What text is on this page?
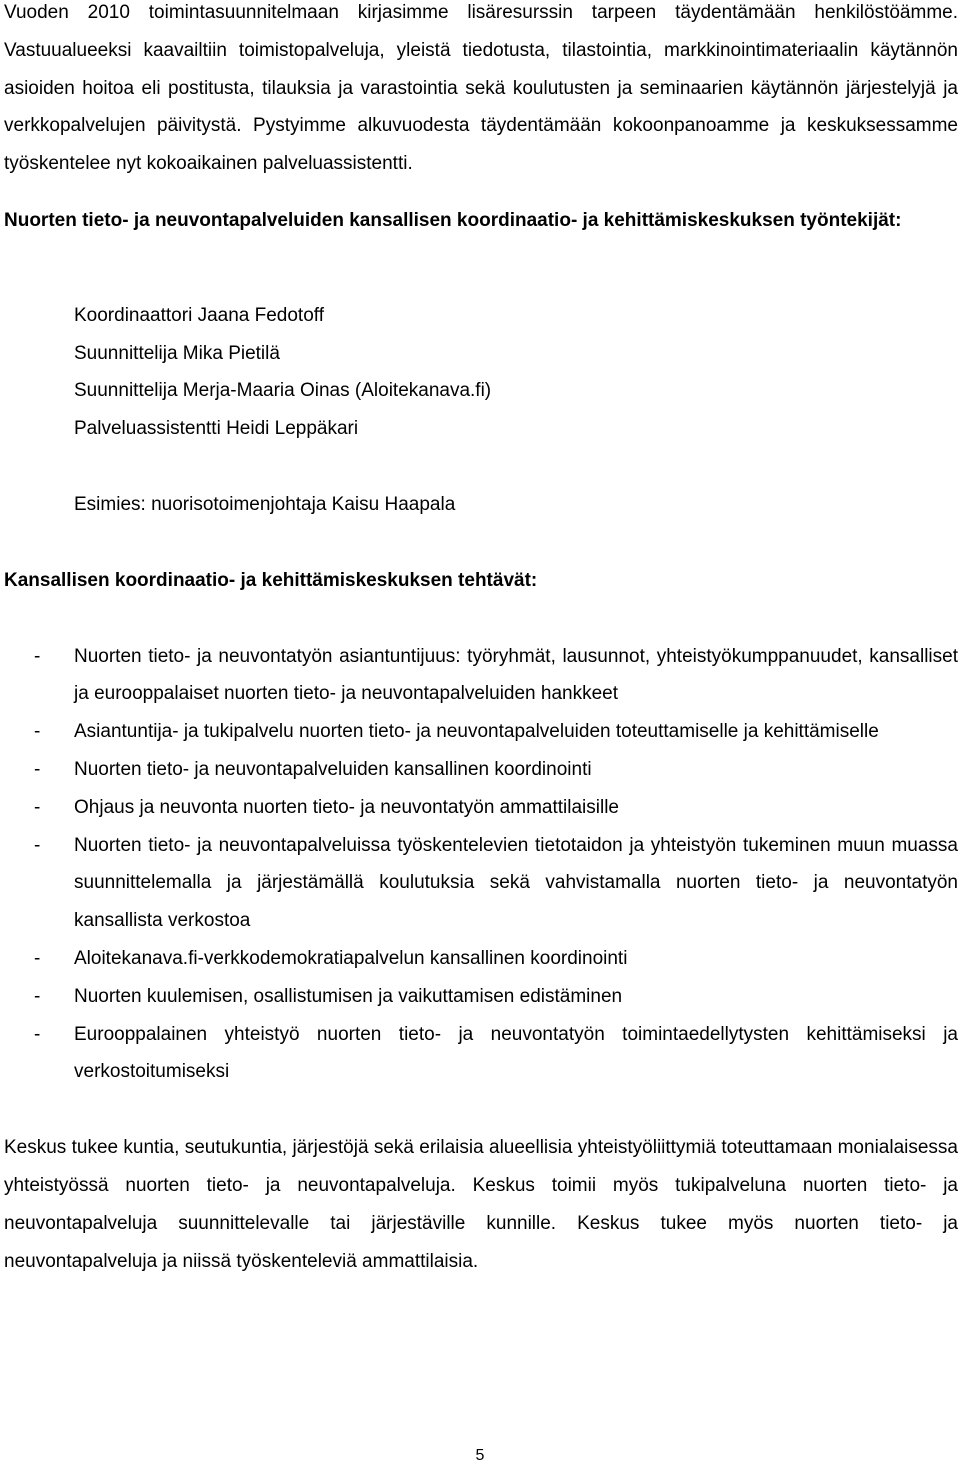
Vuoden 2010 toimintasuunnitelmaan kirjasimme lisäresurssin tarpeen täydentämään henkilöstöämme. Vastuualueeksi kaavailtiin toimistopalveluja, yleistä tiedotusta, tilastointia, markkinointimateriaalin käytännön asioiden hoitoa eli postitusta, tilauksia ja varastointia sekä koulutusten ja seminaarien käytännön järjestelyjä ja verkkopalvelujen päivitystä. Pystyimme alkuvuodesta täydentämään kokoonpanoamme ja keskuksessamme työskentelee nyt kokoaikainen palveluassistentti.

Nuorten tieto- ja neuvontapalveluiden kansallisen koordinaatio- ja kehittämiskeskuksen työntekijät:

Koordinaattori Jaana Fedotoff

Suunnittelija Mika Pietilä

Suunnittelija Merja-Maaria Oinas (Aloitekanava.fi)

Palveluassistentti Heidi Leppäkari

Esimies: nuorisotoimenjohtaja Kaisu Haapala

Kansallisen koordinaatio- ja kehittämiskeskuksen tehtävät:

- Nuorten tieto- ja neuvontatyön asiantuntijuus: työryhmät, lausunnot, yhteistyökumppanuudet, kansalliset ja eurooppalaiset nuorten tieto- ja neuvontapalveluiden hankkeet
- Asiantuntija- ja tukipalvelu nuorten tieto- ja neuvontapalveluiden toteuttamiselle ja kehittämiselle
- Nuorten tieto- ja neuvontapalveluiden kansallinen koordinointi
- Ohjaus ja neuvonta nuorten tieto- ja neuvontatyön ammattilaisille
- Nuorten tieto- ja neuvontapalveluissa työskentelevien tietotaidon ja yhteistyön tukeminen muun muassa suunnittelemalla ja järjestämällä koulutuksia sekä vahvistamalla nuorten tieto- ja neuvontatyön kansallista verkostoa
- Aloitekanava.fi-verkkodemokratiapalvelun kansallinen koordinointi
- Nuorten kuulemisen, osallistumisen ja vaikuttamisen edistäminen
- Eurooppalainen yhteistyö nuorten tieto- ja neuvontatyön toimintaedellytysten kehittämiseksi ja verkostoitumiseksi

Keskus tukee kuntia, seutukuntia, järjestöjä sekä erilaisia alueellisia yhteistyöliittymiä toteuttamaan monialaisessa yhteistyössä nuorten tieto- ja neuvontapalveluja. Keskus toimii myös tukipalveluna nuorten tieto- ja neuvontapalveluja suunnittelevalle tai järjestäville kunnille. Keskus tukee myös nuorten tieto- ja neuvontapalveluja ja niissä työskenteleviä ammattilaisia.

5
